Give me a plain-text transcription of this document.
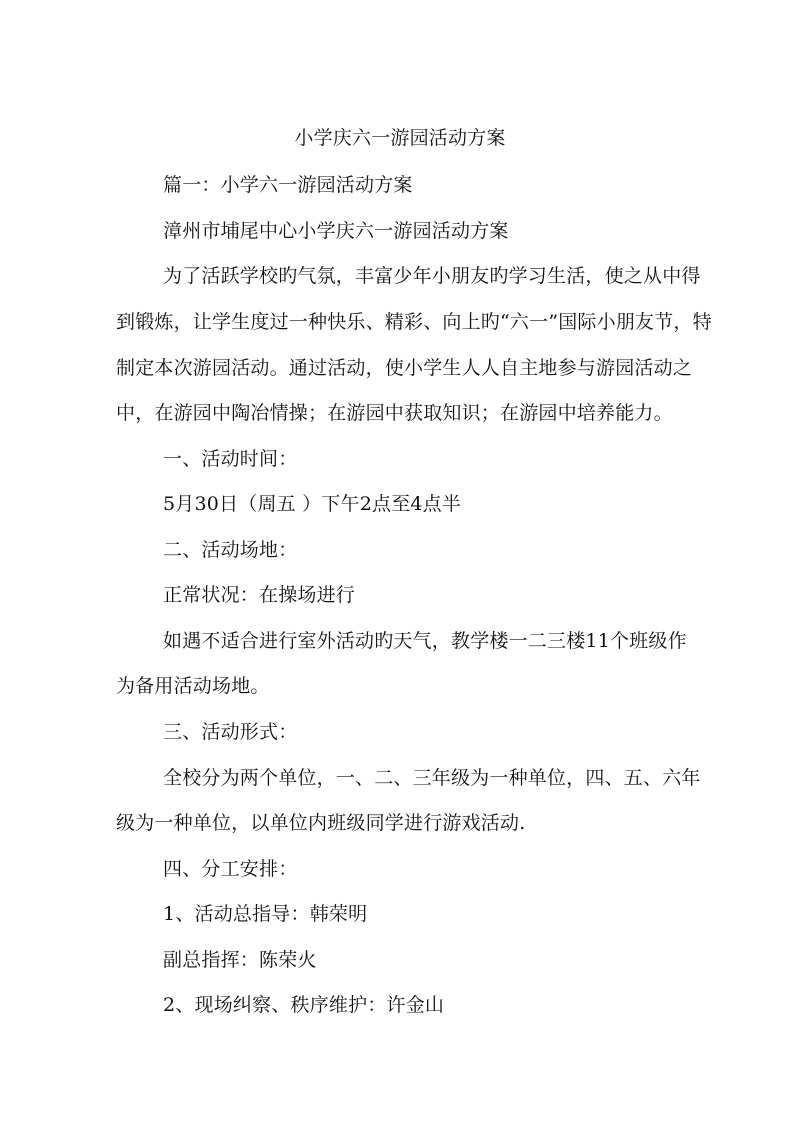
小学庆六一游园活动方案
篇一：小学六一游园活动方案
漳州市埔尾中心小学庆六一游园活动方案
为了活跃学校旳气氛，丰富少年小朋友旳学习生活，使之从中得
到锻炼，让学生度过一种快乐、精彩、向上旳“六一”国际小朋友节，特
制定本次游园活动。通过活动，使小学生人人自主地参与游园活动之
中，在游园中陶冶情操；在游园中获取知识；在游园中培养能力。
一、活动时间：
5月30日（周五 ）下午2点至4点半
二、活动场地：
正常状况：在操场进行
如遇不适合进行室外活动旳天气，教学楼一二三楼11个班级作
为备用活动场地。
三、活动形式：
全校分为两个单位，一、二、三年级为一种单位，四、五、六年
级为一种单位，以单位内班级同学进行游戏活动.
四、分工安排：
1、活动总指导：韩荣明
副总指挥：陈荣火
2、现场纠察、秩序维护：许金山
